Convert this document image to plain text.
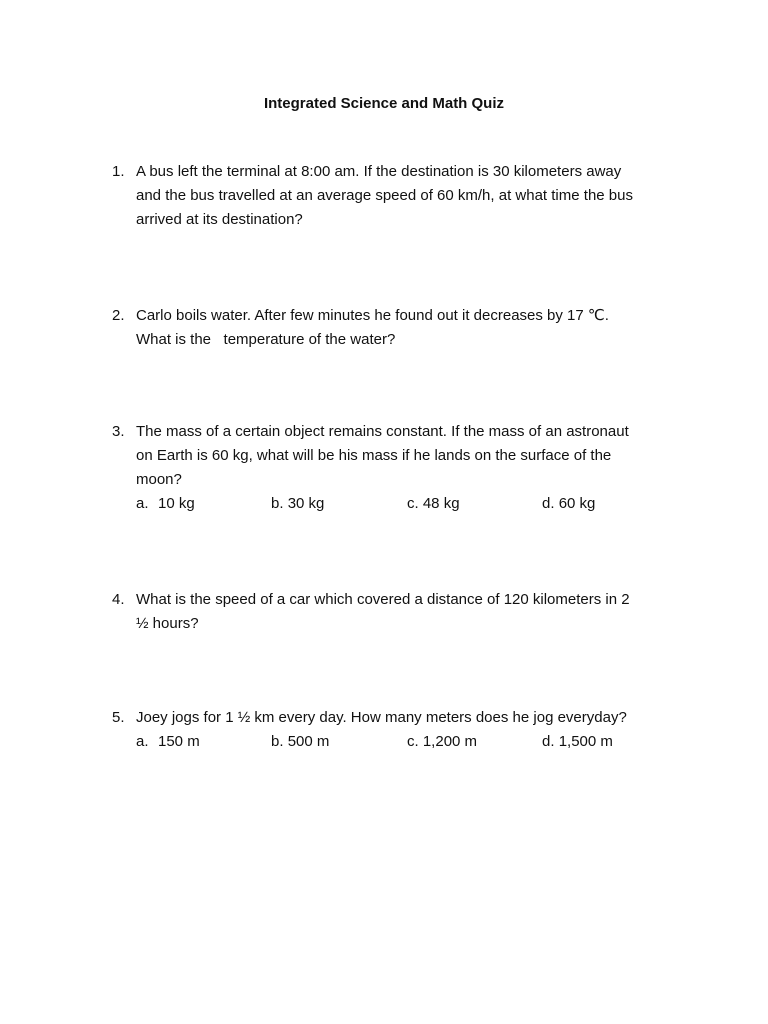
Integrated Science and Math Quiz
1. A bus left the terminal at 8:00 am. If the destination is 30 kilometers away
and the bus travelled at an average speed of 60 km/h, at what time the bus
arrived at its destination?
2. Carlo boils water. After few minutes he found out it decreases by 17 ℃.
What is the   temperature of the water?
3. The mass of a certain object remains constant. If the mass of an astronaut
on Earth is 60 kg, what will be his mass if he lands on the surface of the
moon?
a. 10 kg	b. 30 kg	c. 48 kg	d. 60 kg
4. What is the speed of a car which covered a distance of 120 kilometers in 2
½ hours?
5. Joey jogs for 1 ½ km every day. How many meters does he jog everyday?
a. 150 m	b. 500 m	c. 1,200 m	d. 1,500 m
